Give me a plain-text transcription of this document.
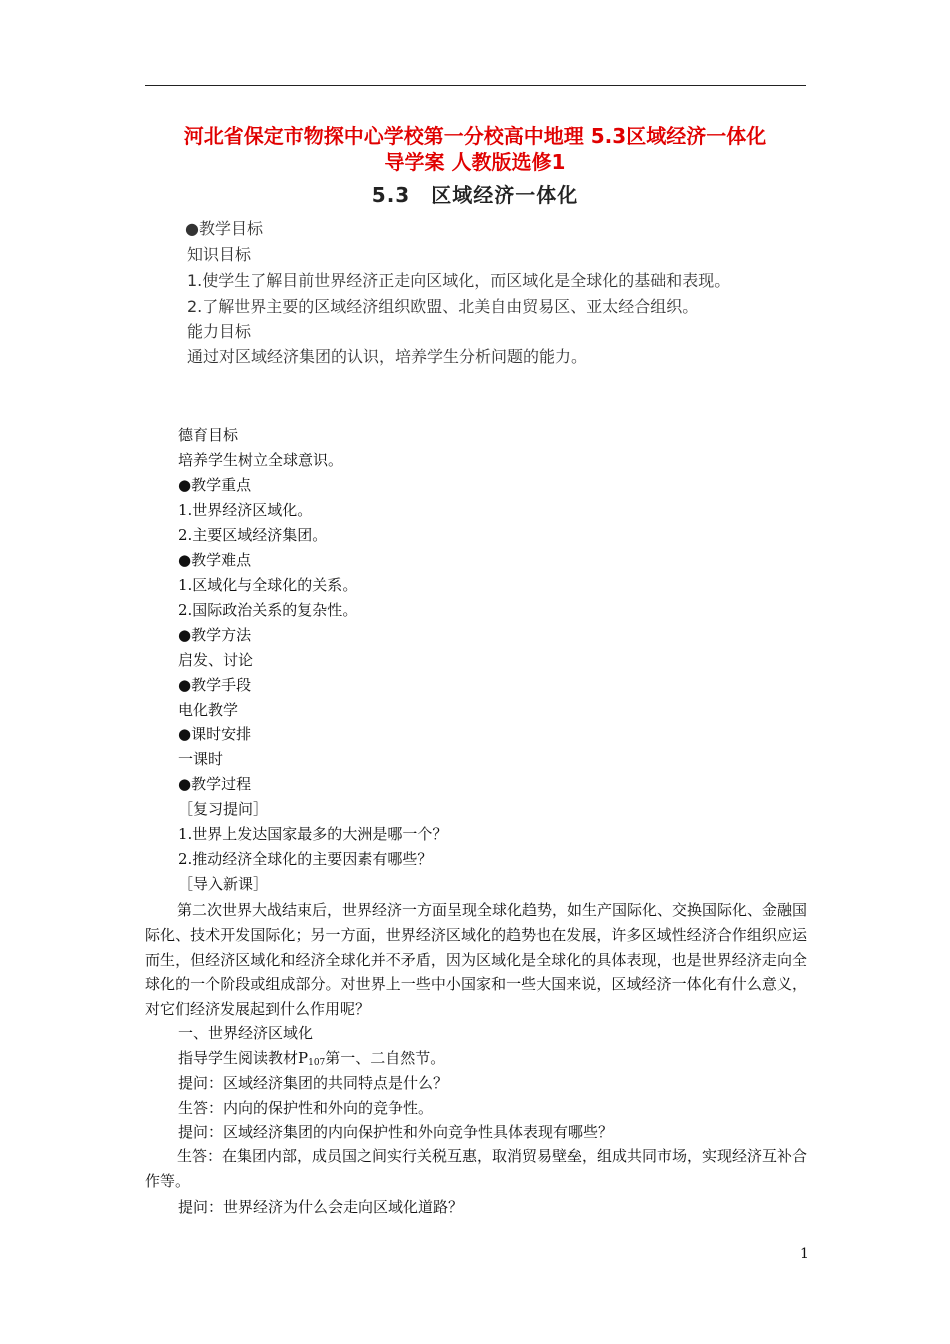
河北省保定市物探中心学校第一分校高中地理 5.3区域经济一体化
导学案 人教版选修1
5.3　区域经济一体化
●教学目标
知识目标
1.使学生了解目前世界经济正走向区域化，而区域化是全球化的基础和表现。
2.了解世界主要的区域经济组织欧盟、北美自由贸易区、亚太经合组织。
能力目标
通过对区域经济集团的认识，培养学生分析问题的能力。
德育目标
培养学生树立全球意识。
●教学重点
1.世界经济区域化。
2.主要区域经济集团。
●教学难点
1.区域化与全球化的关系。
2.国际政治关系的复杂性。
●教学方法
启发、讨论
●教学手段
电化教学
●课时安排
一课时
●教学过程
［复习提问］
1.世界上发达国家最多的大洲是哪一个？
2.推动经济全球化的主要因素有哪些？
［导入新课］
第二次世界大战结束后，世界经济一方面呈现全球化趋势，如生产国际化、交换国际化、金融国际化、技术开发国际化；另一方面，世界经济区域化的趋势也在发展，许多区域性经济合作组织应运而生，但经济区域化和经济全球化并不矛盾，因为区域化是全球化的具体表现，也是世界经济走向全球化的一个阶段或组成部分。对世界上一些中小国家和一些大国来说，区域经济一体化有什么意义，对它们经济发展起到什么作用呢？
一、世界经济区域化
指导学生阅读教材$P_{107}$第一、二自然节。
提问：区域经济集团的共同特点是什么？
生答：内向的保护性和外向的竞争性。
提问：区域经济集团的内向保护性和外向竞争性具体表现有哪些？
生答：在集团内部，成员国之间实行关税互惠，取消贸易壁垒，组成共同市场，实现经济互补合作等。
提问：世界经济为什么会走向区域化道路？
1
